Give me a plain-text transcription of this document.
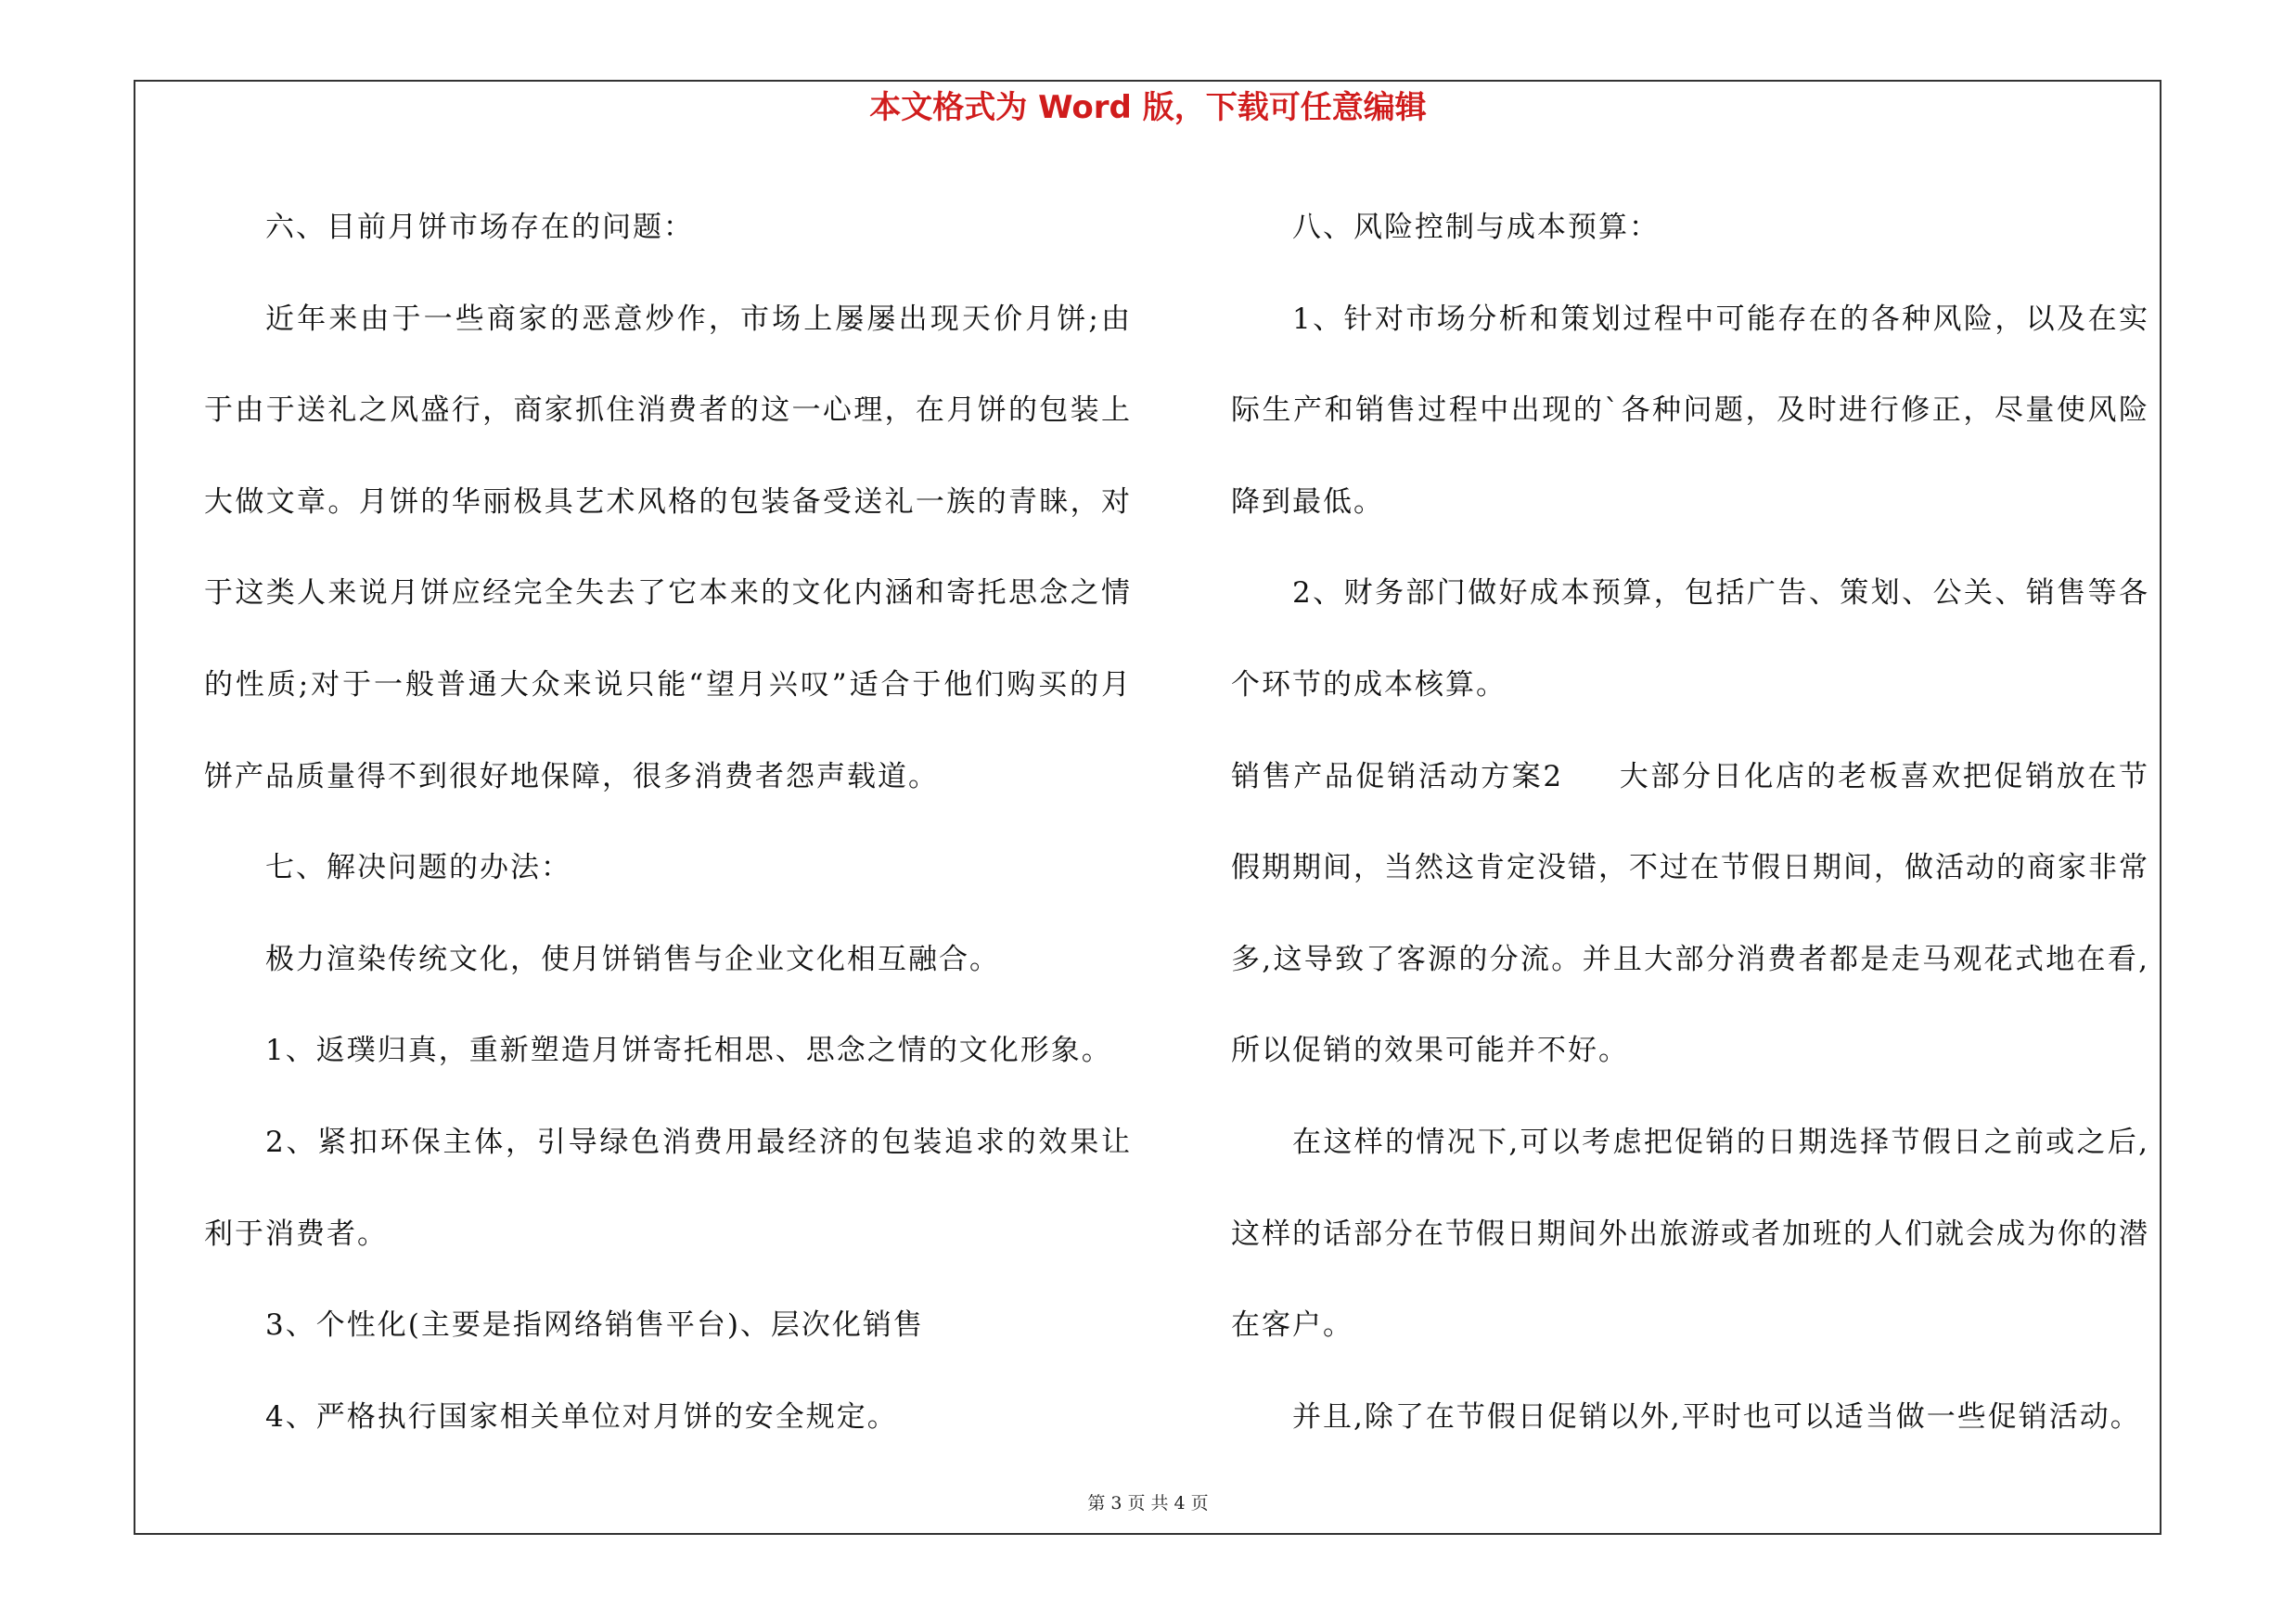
本文格式为 Word 版，下载可任意编辑

六、目前月饼市场存在的问题：

近年来由于一些商家的恶意炒作，市场上屡屡出现天价月饼;由于由于送礼之风盛行，商家抓住消费者的这一心理，在月饼的包装上大做文章。月饼的华丽极具艺术风格的包装备受送礼一族的青睐，对于这类人来说月饼应经完全失去了它本来的文化内涵和寄托思念之情的性质;对于一般普通大众来说只能“望月兴叹”适合于他们购买的月饼产品质量得不到很好地保障，很多消费者怨声载道。

七、解决问题的办法：

极力渲染传统文化，使月饼销售与企业文化相互融合。

1、返璞归真，重新塑造月饼寄托相思、思念之情的文化形象。

2、紧扣环保主体，引导绿色消费用最经济的包装追求的效果让利于消费者。

3、个性化(主要是指网络销售平台)、层次化销售

4、严格执行国家相关单位对月饼的安全规定。

八、风险控制与成本预算：

1、针对市场分析和策划过程中可能存在的各种风险，以及在实际生产和销售过程中出现的`各种问题，及时进行修正，尽量使风险降到最低。

2、财务部门做好成本预算，包括广告、策划、公关、销售等各个环节的成本核算。

销售产品促销活动方案2 大部分日化店的老板喜欢把促销放在节假期期间，当然这肯定没错，不过在节假日期间，做活动的商家非常多,这导致了客源的分流。并且大部分消费者都是走马观花式地在看,所以促销的效果可能并不好。

在这样的情况下,可以考虑把促销的日期选择节假日之前或之后,这样的话部分在节假日期间外出旅游或者加班的人们就会成为你的潜在客户。

并且,除了在节假日促销以外,平时也可以适当做一些促销活动。

第 3 页 共 4 页
